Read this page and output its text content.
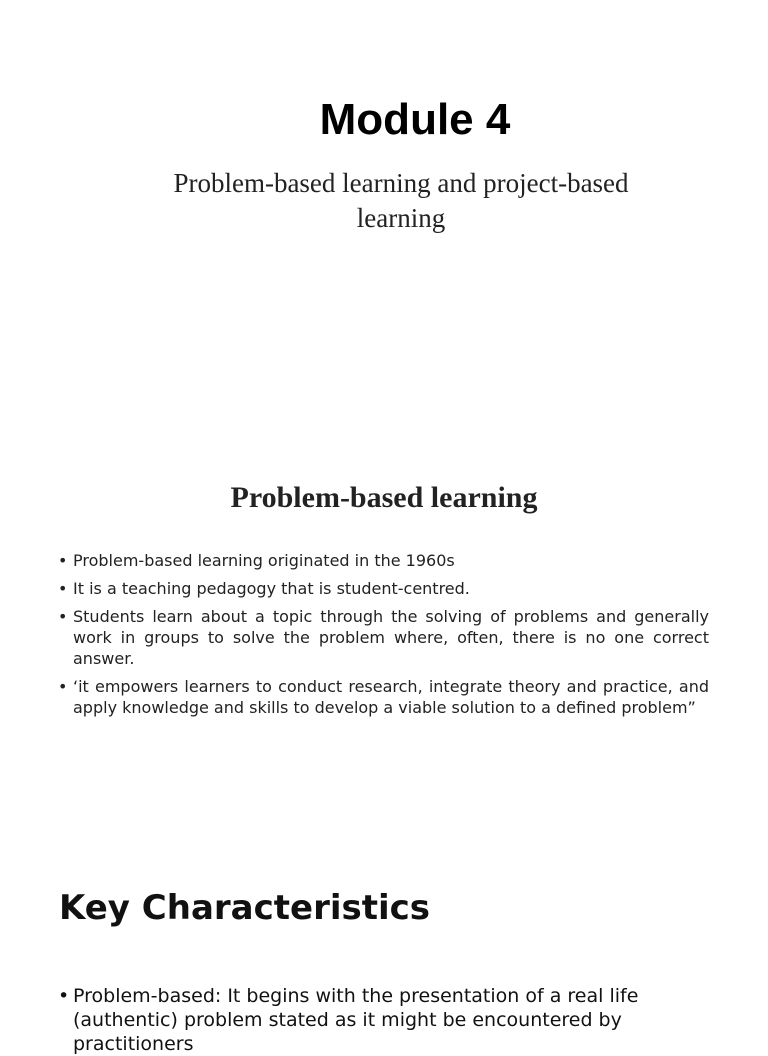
Module 4

Problem-based learning and project-based learning

Problem-based learning
• Problem-based learning originated in the 1960s
• It is a teaching pedagogy that is student-centred.
• Students learn about a topic through the solving of problems and generally work in groups to solve the problem where, often, there is no one correct answer.
• ‘it empowers learners to conduct research, integrate theory and practice, and apply knowledge and skills to develop a viable solution to a defined problem”
Key Characteristics
• Problem-based: It begins with the presentation of a real life (authentic) problem stated as it might be encountered by practitioners
